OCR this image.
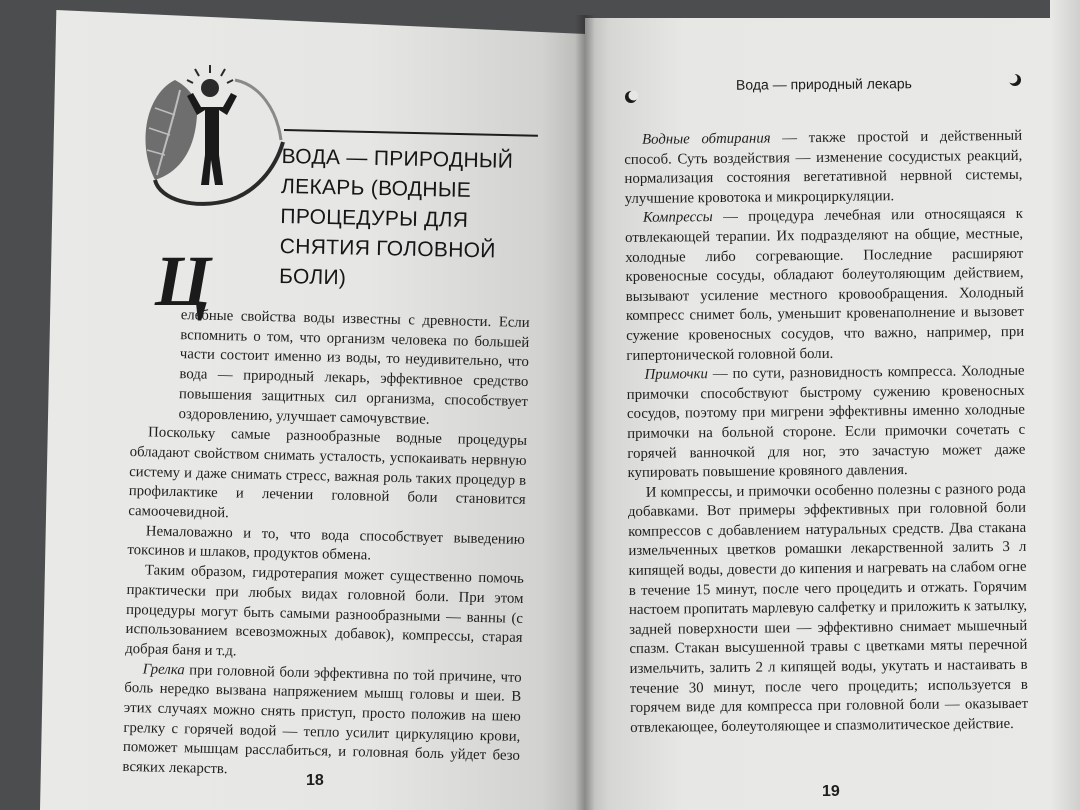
ВОДА — ПРИРОДНЫЙ ЛЕКАРЬ (ВОДНЫЕ ПРОЦЕДУРЫ ДЛЯ СНЯТИЯ ГОЛОВНОЙ БОЛИ)
Ц

елебные свойства воды известны с древности. Если вспомнить о том, что организм человека по большей части состоит именно из воды, то неудивительно, что вода — природный лекарь, эффективное средство повышения защитных сил организма, способствует оздоровлению, улучшает самочувствие.

Поскольку самые разнообразные водные процедуры обладают свойством снимать усталость, успокаивать нервную систему и даже снимать стресс, важная роль таких процедур в профилактике и лечении головной боли становится самоочевидной.

Немаловажно и то, что вода способствует выведению токсинов и шлаков, продуктов обмена.

Таким образом, гидротерапия может существенно помочь практически при любых видах головной боли. При этом процедуры могут быть самыми разнообразными — ванны (с использованием всевозможных добавок), компрессы, старая добрая баня и т.д.

Грелка при головной боли эффективна по той причине, что боль нередко вызвана напряжением мышц головы и шеи. В этих случаях можно снять приступ, просто положив на шею грелку с горячей водой — тепло усилит циркуляцию крови, поможет мышцам расслабиться, и головная боль уйдет безо всяких лекарств.

18
Вода — природный лекарь

Водные обтирания — также простой и действенный способ. Суть воздействия — изменение сосудистых реакций, нормализация состояния вегетативной нервной системы, улучшение кровотока и микроциркуляции.

Компрессы — процедура лечебная или относящаяся к отвлекающей терапии. Их подразделяют на общие, местные, холодные либо согревающие. Последние расширяют кровеносные сосуды, обладают болеутоляющим действием, вызывают усиление местного кровообращения. Холодный компресс снимет боль, уменьшит кровенаполнение и вызовет сужение кровеносных сосудов, что важно, например, при гипертонической головной боли.

Примочки — по сути, разновидность компресса. Холодные примочки способствуют быстрому сужению кровеносных сосудов, поэтому при мигрени эффективны именно холодные примочки на больной стороне. Если примочки сочетать с горячей ванночкой для ног, это зачастую может даже купировать повышение кровяного давления.

И компрессы, и примочки особенно полезны с разного рода добавками. Вот примеры эффективных при головной боли компрессов с добавлением натуральных средств. Два стакана измельченных цветков ромашки лекарственной залить 3 л кипящей воды, довести до кипения и нагревать на слабом огне в течение 15 минут, после чего процедить и отжать. Горячим настоем пропитать марлевую салфетку и приложить к затылку, задней поверхности шеи — эффективно снимает мышечный спазм. Стакан высушенной травы с цветками мяты перечной измельчить, залить 2 л кипящей воды, укутать и настаивать в течение 30 минут, после чего процедить; используется в горячем виде для компресса при головной боли — оказывает отвлекающее, болеутоляющее и спазмолитическое действие.

19
